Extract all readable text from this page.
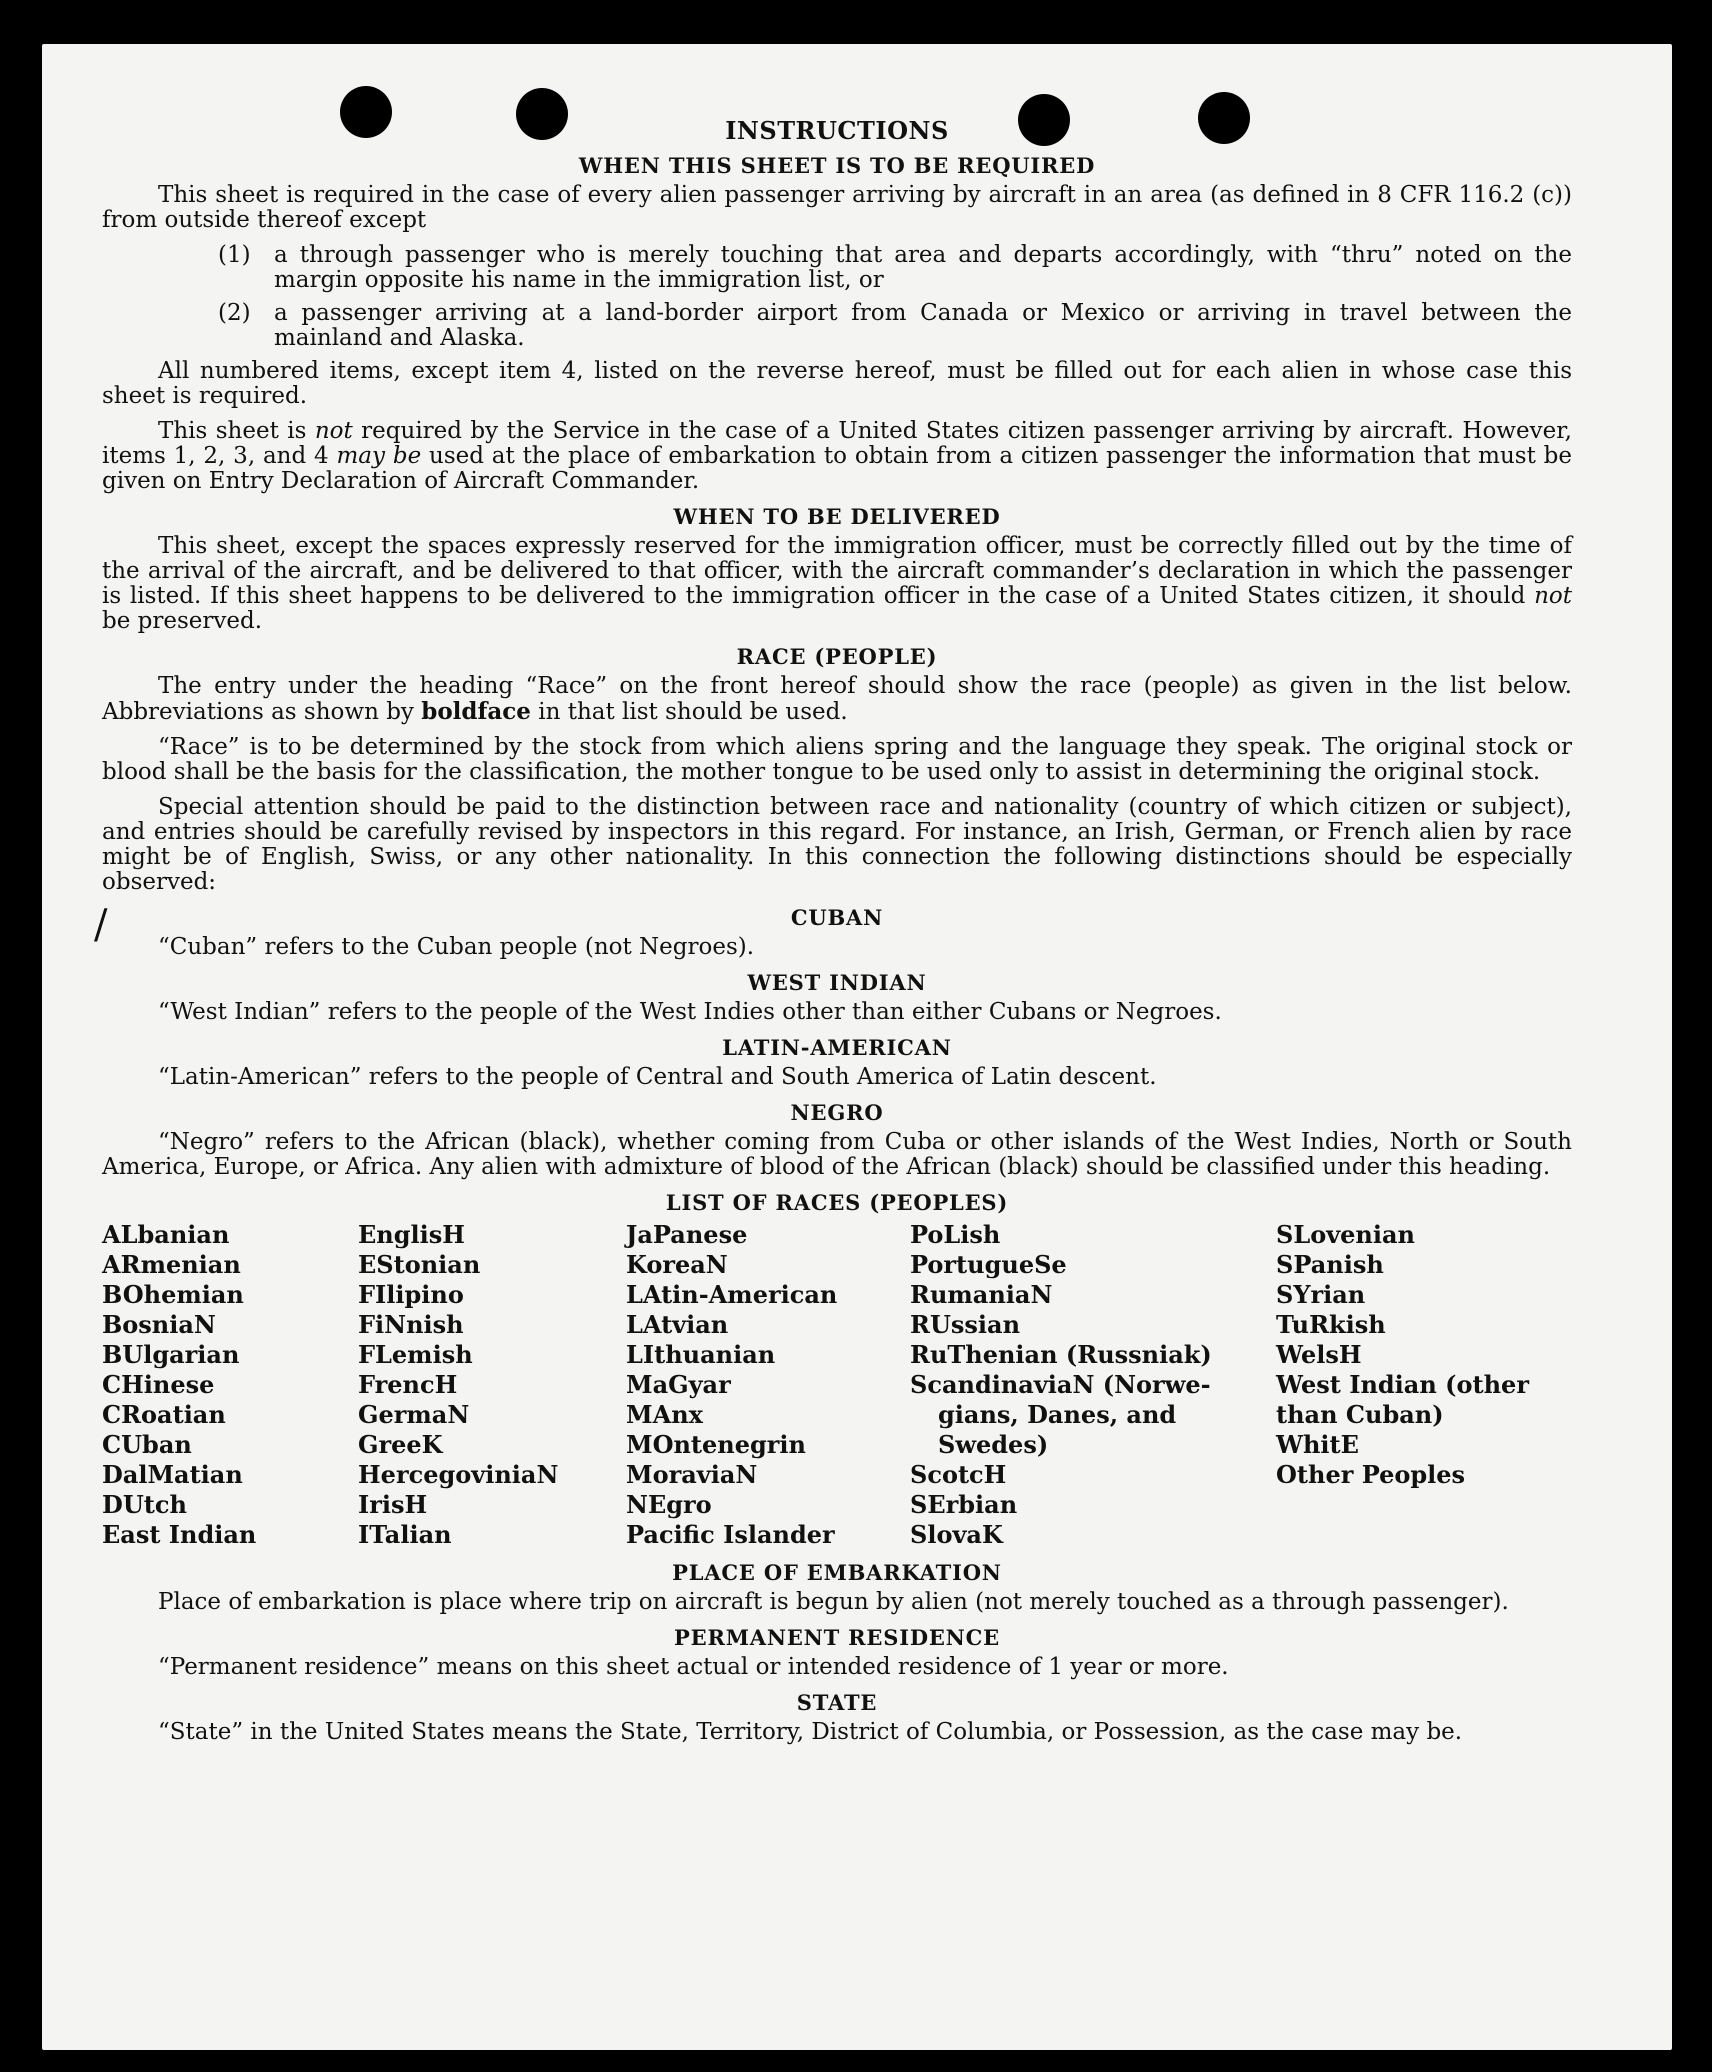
/
INSTRUCTIONS
WHEN THIS SHEET IS TO BE REQUIRED

This sheet is required in the case of every alien passenger arriving by aircraft in an area (as defined in 8 CFR 116.2 (c)) from outside thereof except

(1)	a through passenger who is merely touching that area and departs accordingly, with “thru” noted on the margin opposite his name in the immigration list, or
(2)	a passenger arriving at a land-border airport from Canada or Mexico or arriving in travel between the mainland and Alaska.

All numbered items, except item 4, listed on the reverse hereof, must be filled out for each alien in whose case this sheet is required.

This sheet is not required by the Service in the case of a United States citizen passenger arriving by aircraft. However, items 1, 2, 3, and 4 may be used at the place of embarkation to obtain from a citizen passenger the information that must be given on Entry Declaration of Aircraft Commander.

WHEN TO BE DELIVERED

This sheet, except the spaces expressly reserved for the immigration officer, must be correctly filled out by the time of the arrival of the aircraft, and be delivered to that officer, with the aircraft commander’s declaration in which the passenger is listed. If this sheet happens to be delivered to the immigration officer in the case of a United States citizen, it should not be preserved.

RACE (PEOPLE)

The entry under the heading “Race” on the front hereof should show the race (people) as given in the list below. Abbreviations as shown by boldface in that list should be used.

“Race” is to be determined by the stock from which aliens spring and the language they speak. The original stock or blood shall be the basis for the classification, the mother tongue to be used only to assist in determining the original stock.

Special attention should be paid to the distinction between race and nationality (country of which citizen or subject), and entries should be carefully revised by inspectors in this regard. For instance, an Irish, German, or French alien by race might be of English, Swiss, or any other nationality. In this connection the following distinctions should be especially observed:

CUBAN

“Cuban” refers to the Cuban people (not Negroes).

WEST INDIAN

“West Indian” refers to the people of the West Indies other than either Cubans or Negroes.

LATIN-AMERICAN

“Latin-American” refers to the people of Central and South America of Latin descent.

NEGRO

“Negro” refers to the African (black), whether coming from Cuba or other islands of the West Indies, North or South America, Europe, or Africa. Any alien with admixture of blood of the African (black) should be classified under this heading.

LIST OF RACES (PEOPLES)
ALbanian
ARmenian
BOhemian
BosniaN
BUlgarian
CHinese
CRoatian
CUban
DalMatian
DUtch
East Indian
EnglisH
EStonian
FIlipino
FiNnish
FLemish
FrencH
GermaN
GreeK
HercegoviniaN
IrisH
ITalian
JaPanese
KoreaN
LAtin-American
LAtvian
LIthuanian
MaGyar
MAnx
MOntenegrin
MoraviaN
NEgro
Pacific Islander
PoLish
PortugueSe
RumaniaN
RUssian
RuThenian (Russniak)
ScandinaviaN (Norwe-
gians, Danes, and
Swedes)
ScotcH
SErbian
SlovaK
SLovenian
SPanish
SYrian
TuRkish
WelsH
West Indian (other
than Cuban)
WhitE
Other Peoples
PLACE OF EMBARKATION

Place of embarkation is place where trip on aircraft is begun by alien (not merely touched as a through passenger).

PERMANENT RESIDENCE

“Permanent residence” means on this sheet actual or intended residence of 1 year or more.

STATE

“State” in the United States means the State, Territory, District of Columbia, or Possession, as the case may be.
